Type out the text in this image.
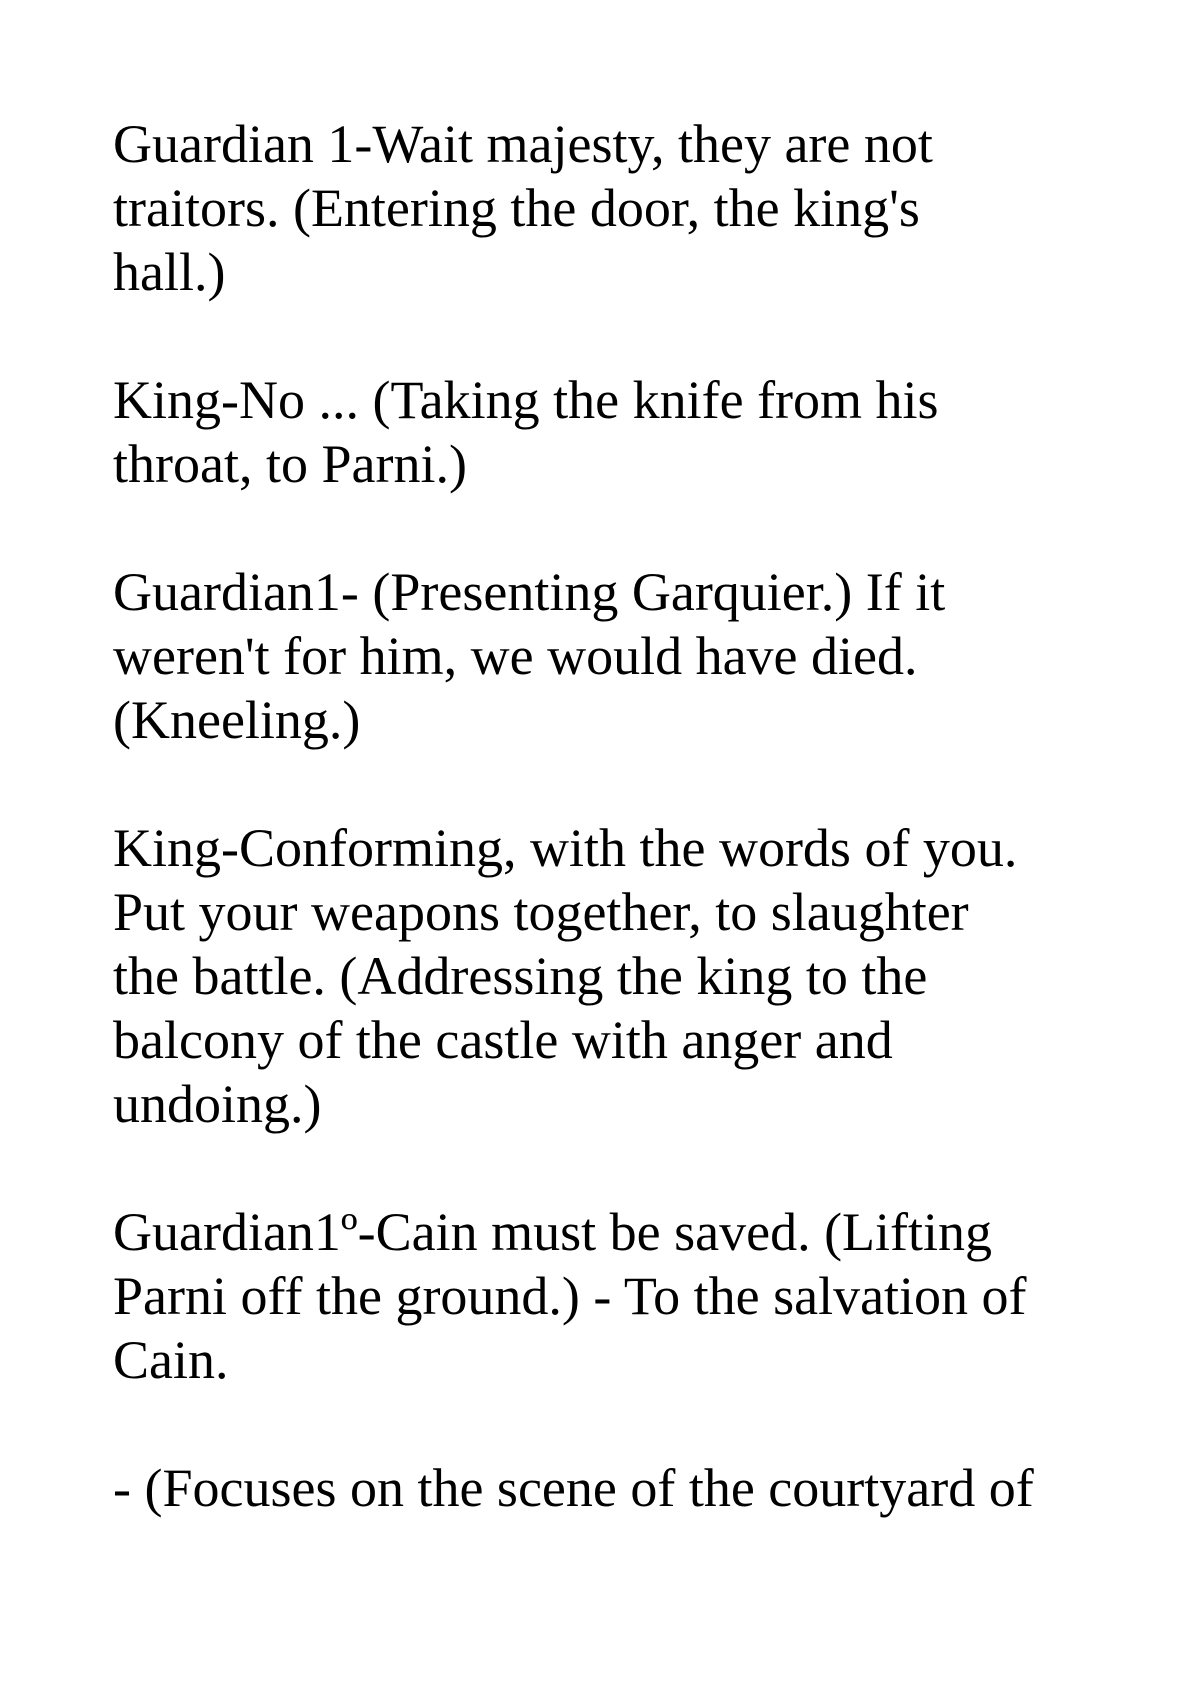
Guardian 1-Wait majesty, they are not
traitors. (Entering the door, the king's
hall.)

King-No ... (Taking the knife from his
throat, to Parni.)

Guardian1- (Presenting Garquier.) If it
weren't for him, we would have died.
(Kneeling.)

King-Conforming, with the words of you.
Put your weapons together, to slaughter
the battle. (Addressing the king to the
balcony of the castle with anger and
undoing.)

Guardian1º-Cain must be saved. (Lifting
Parni off the ground.) - To the salvation of
Cain.

- (Focuses on the scene of the courtyard of
